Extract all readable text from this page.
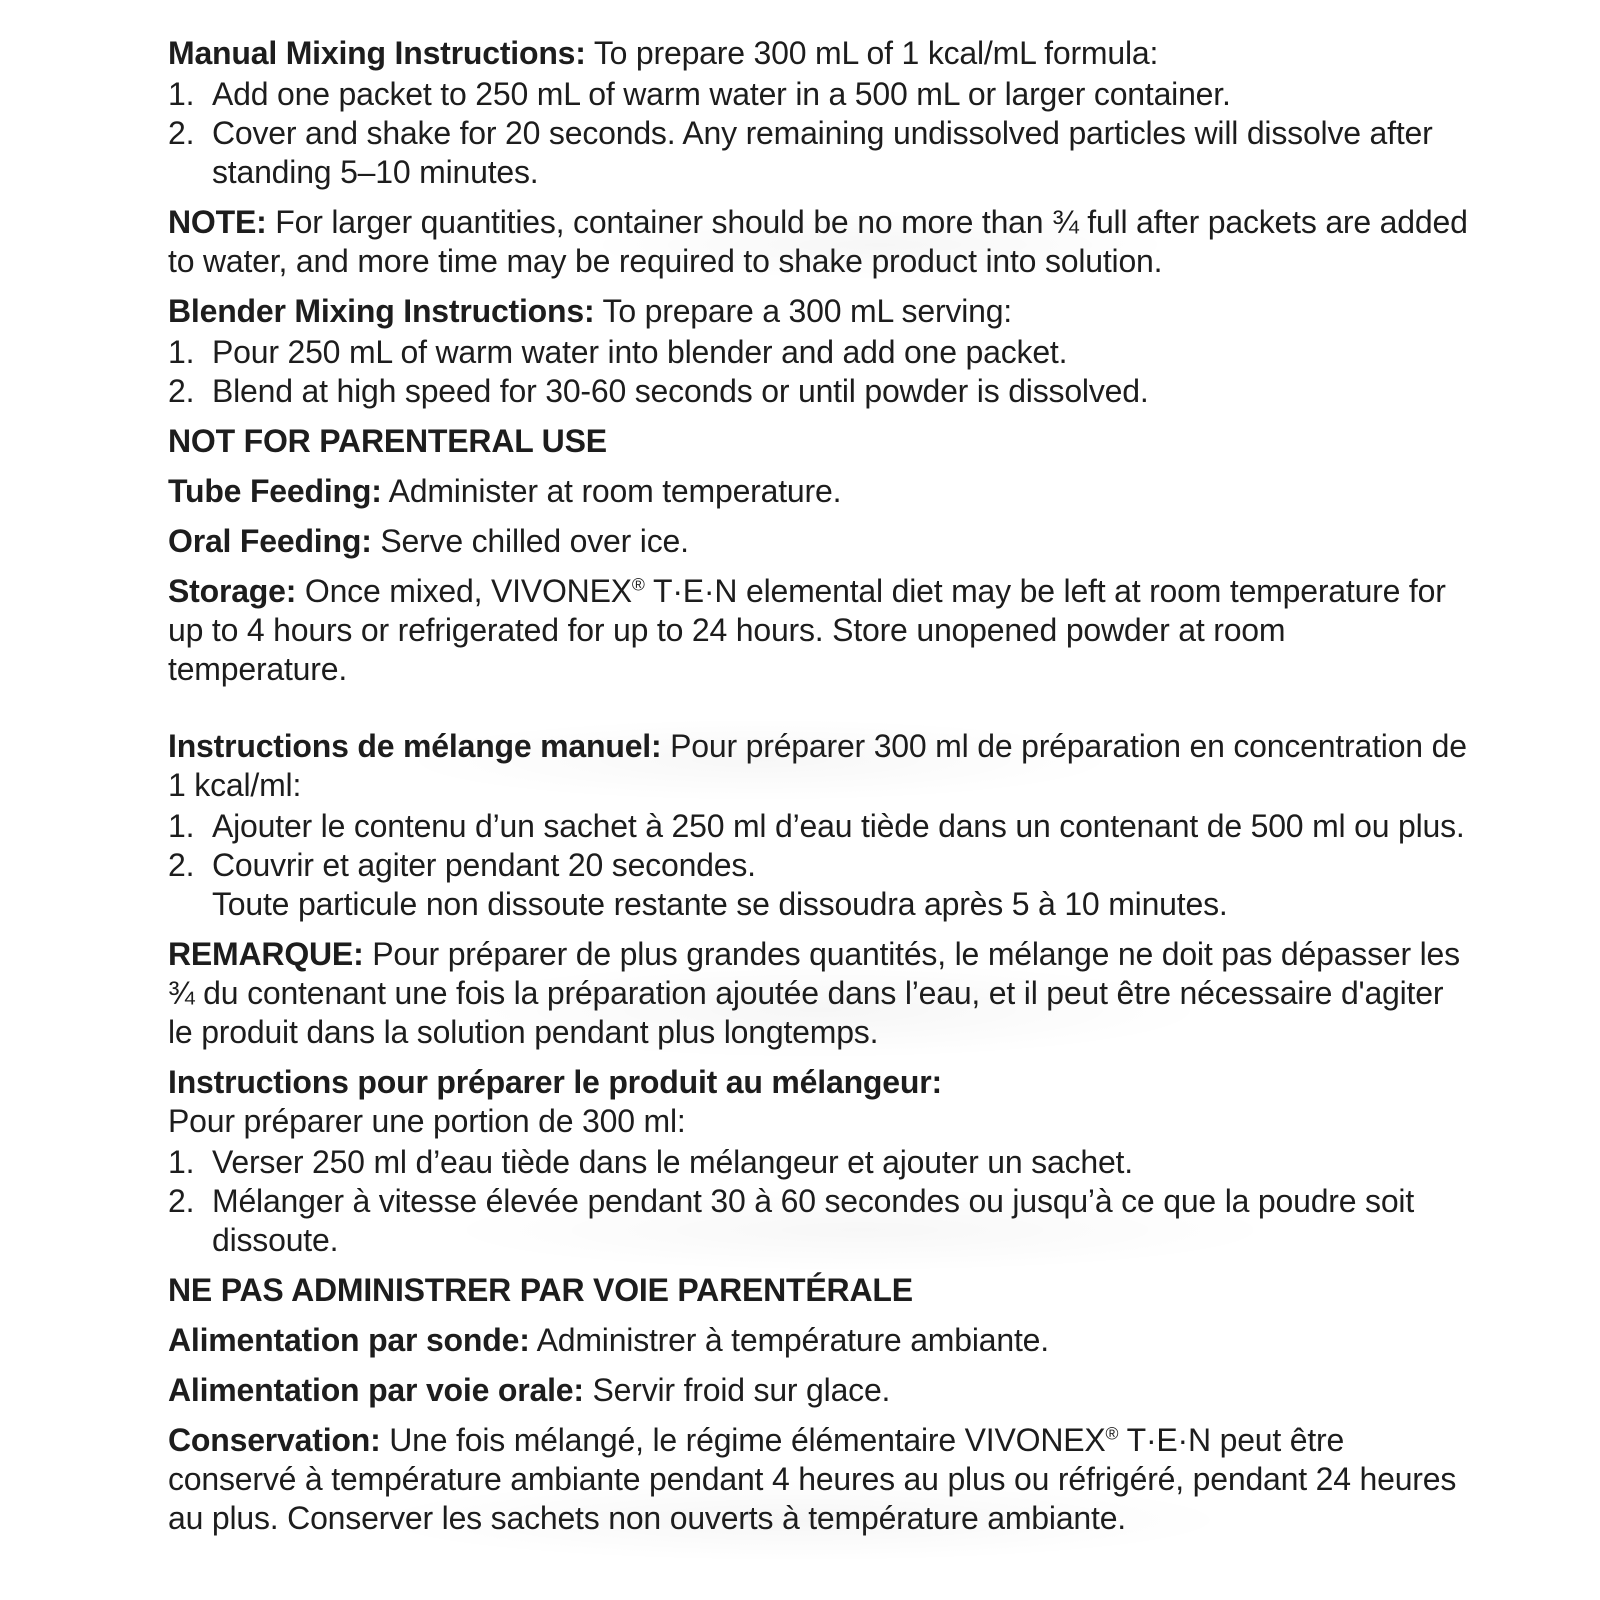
Manual Mixing Instructions: To prepare 300 mL of 1 kcal/mL formula:

1. Add one packet to 250 mL of warm water in a 500 mL or larger container.
2. Cover and shake for 20 seconds. Any remaining undissolved particles will dissolve after standing 5–10 minutes.

NOTE: For larger quantities, container should be no more than ¾ full after packets are added to water, and more time may be required to shake product into solution.

Blender Mixing Instructions: To prepare a 300 mL serving:

1. Pour 250 mL of warm water into blender and add one packet.
2. Blend at high speed for 30-60 seconds or until powder is dissolved.

NOT FOR PARENTERAL USE

Tube Feeding: Administer at room temperature.

Oral Feeding: Serve chilled over ice.

Storage: Once mixed, VIVONEX® T·E·N elemental diet may be left at room temperature for up to 4 hours or refrigerated for up to 24 hours. Store unopened powder at room temperature.

Instructions de mélange manuel: Pour préparer 300 ml de préparation en concentration de 1 kcal/ml:

1. Ajouter le contenu d’un sachet à 250 ml d’eau tiède dans un contenant de 500 ml ou plus.
2. Couvrir et agiter pendant 20 secondes.
Toute particule non dissoute restante se dissoudra après 5 à 10 minutes.

REMARQUE: Pour préparer de plus grandes quantités, le mélange ne doit pas dépasser les ¾ du contenant une fois la préparation ajoutée dans l’eau, et il peut être nécessaire d'agiter le produit dans la solution pendant plus longtemps.

Instructions pour préparer le produit au mélangeur:
Pour préparer une portion de 300 ml:
1. Verser 250 ml d’eau tiède dans le mélangeur et ajouter un sachet.
2. Mélanger à vitesse élevée pendant 30 à 60 secondes ou jusqu’à ce que la poudre soit dissoute.

NE PAS ADMINISTRER PAR VOIE PARENTÉRALE

Alimentation par sonde: Administrer à température ambiante.

Alimentation par voie orale: Servir froid sur glace.

Conservation: Une fois mélangé, le régime élémentaire VIVONEX® T·E·N peut être conservé à température ambiante pendant 4 heures au plus ou réfrigéré, pendant 24 heures au plus. Conserver les sachets non ouverts à température ambiante.
